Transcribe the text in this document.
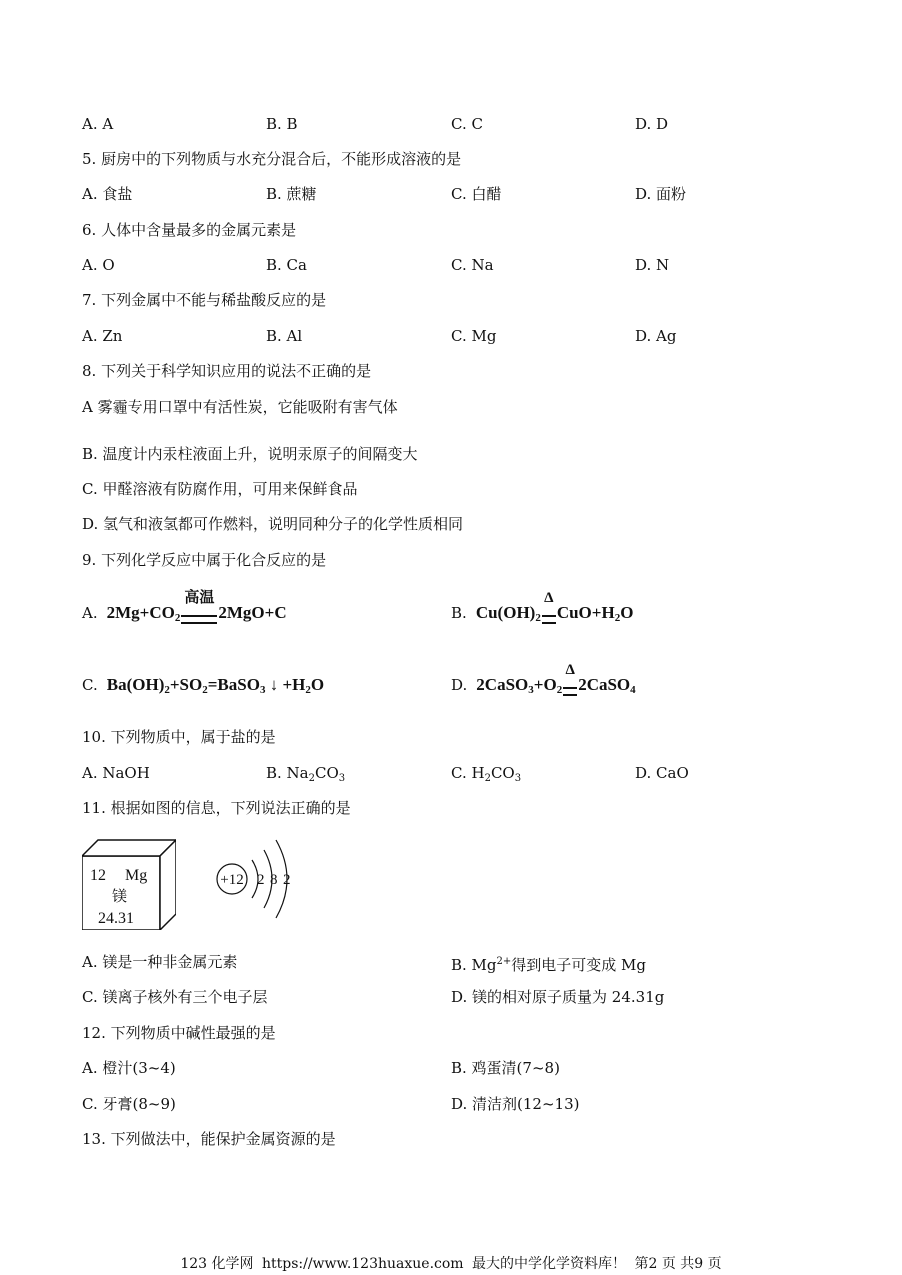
A. A	B. B	C. C	D. D
5. 厨房中的下列物质与水充分混合后，不能形成溶液的是
A. 食盐	B. 蔗糖	C. 白醋	D. 面粉
6. 人体中含量最多的金属元素是
A. O	B. Ca	C. Na	D. N
7. 下列金属中不能与稀盐酸反应的是
A. Zn	B. Al	C. Mg	D. Ag
8. 下列关于科学知识应用的说法不正确的是
A 雾霾专用口罩中有活性炭，它能吸附有害气体
B. 温度计内汞柱液面上升，说明汞原子的间隔变大
C. 甲醛溶液有防腐作用，可用来保鲜食品
D. 氢气和液氢都可作燃料，说明同种分子的化学性质相同
9. 下列化学反应中属于化合反应的是
A.  $2Mg+CO_2$
高温
2MgO+C	B.  $Cu(OH)_2$
Δ
$CuO+H_2O$
C.  $Ba(OH)_2+SO_2=BaSO_3$ ↓ $+H_2O$	D.  $2CaSO_3+O_2$
Δ
2CaSO$_4$
10. 下列物质中，属于盐的是
A. NaOH	B. $Na_2CO_3$	C. $H_2CO_3$	D. CaO
11. 根据如图的信息，下列说法正确的是
12 Mg
镁
24.31
+12 2 8 2
A. 镁是一种非金属元素	B. $Mg^{2+}$得到电子可变成 Mg
C. 镁离子核外有三个电子层	D. 镁的相对原子质量为 24.31g
12. 下列物质中碱性最强的是
A. 橙汁(3~4)	B. 鸡蛋清(7~8)
C. 牙膏(8~9)	D. 清洁剂(12~13)
13. 下列做法中，能保护金属资源的是
123 化学网 https://www.123huaxue.com 最大的中学化学资料库！ 第2 页 共9 页
